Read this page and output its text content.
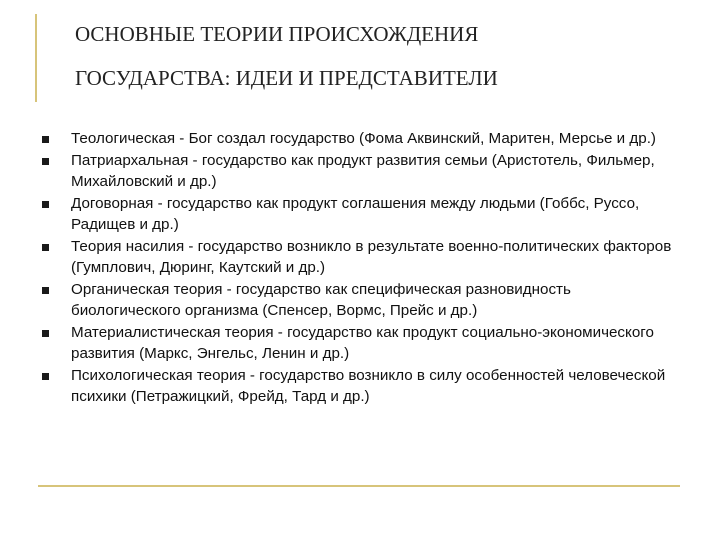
ОСНОВНЫЕ ТЕОРИИ ПРОИСХОЖДЕНИЯ
ГОСУДАРСТВА: ИДЕИ И ПРЕДСТАВИТЕЛИ
Теологическая - Бог создал государство (Фома Аквинский, Маритен, Мерсье и др.)
Патриархальная - государство как продукт развития семьи (Аристотель, Фильмер, Михайловский и др.)
Договорная - государство как продукт соглашения между людьми (Гоббс, Руссо, Радищев и др.)
Теория насилия - государство возникло в результате военно-политических факторов (Гумплович, Дюринг, Каутский и др.)
Органическая теория - государство как специфическая разновидность биологического организма (Спенсер, Вормс, Прейс и др.)
Материалистическая теория - государство как продукт социально-экономического развития (Маркс, Энгельс, Ленин и др.)
Психологическая теория - государство возникло в силу особенностей человеческой психики (Петражицкий, Фрейд, Тард и др.)
